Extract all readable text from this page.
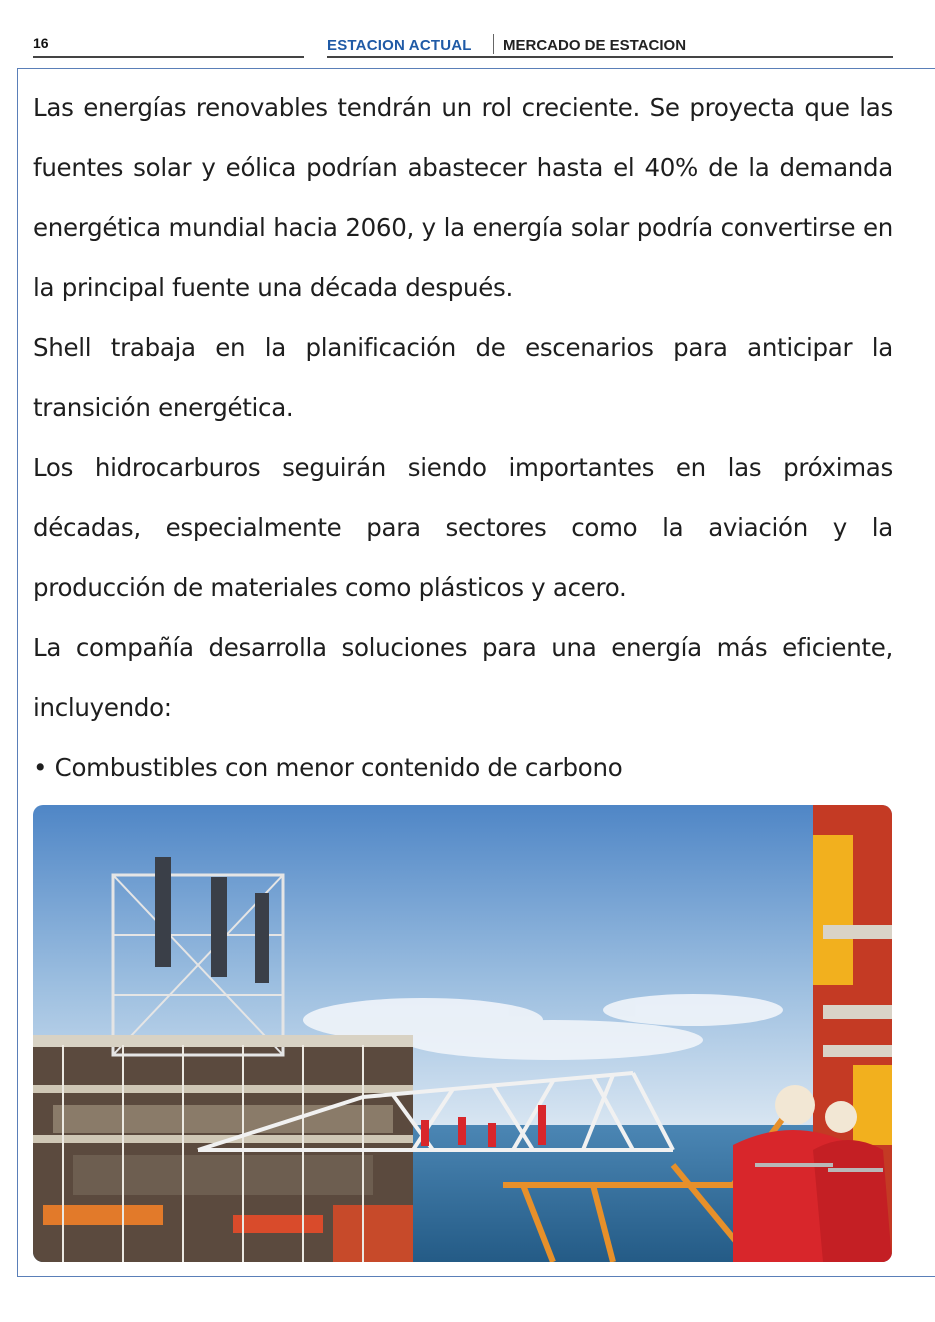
16	ESTACION ACTUAL MERCADO DE ESTACION

Las energías renovables tendrán un rol creciente. Se proyecta que las fuentes solar y eólica podrían abastecer hasta el 40% de la demanda energética mundial hacia 2060, y la energía solar podría convertirse en la principal fuente una década después.

Shell trabaja en la planificación de escenarios para anticipar la transición energética.

Los hidrocarburos seguirán siendo importantes en las próximas décadas, especialmente para sectores como la aviación y la producción de materiales como plásticos y acero.

La compañía desarrolla soluciones para una energía más eficiente, incluyendo:

• Combustibles con menor contenido de carbono
